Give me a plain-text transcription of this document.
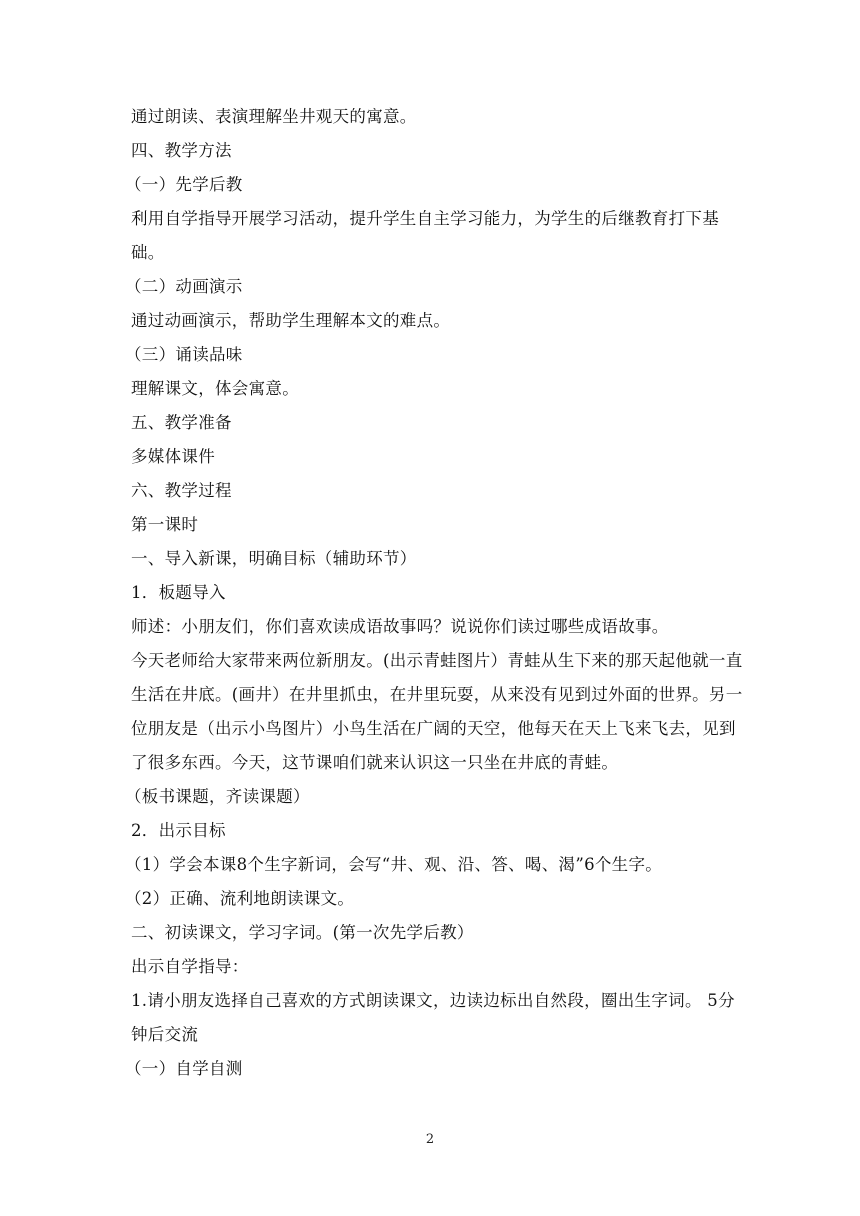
通过朗读、表演理解坐井观天的寓意。
四、教学方法
（一）先学后教
利用自学指导开展学习活动，提升学生自主学习能力，为学生的后继教育打下基础。
（二）动画演示
通过动画演示，帮助学生理解本文的难点。
（三）诵读品味
理解课文，体会寓意。
五、教学准备
多媒体课件
六、教学过程
第一课时
一、导入新课，明确目标（辅助环节）
1．板题导入
师述：小朋友们，你们喜欢读成语故事吗？说说你们读过哪些成语故事。
今天老师给大家带来两位新朋友。(出示青蛙图片）青蛙从生下来的那天起他就一直生活在井底。(画井）在井里抓虫，在井里玩耍，从来没有见到过外面的世界。另一位朋友是（出示小鸟图片）小鸟生活在广阔的天空，他每天在天上飞来飞去，见到了很多东西。今天，这节课咱们就来认识这一只坐在井底的青蛙。
（板书课题，齐读课题）
2．出示目标
（1）学会本课8个生字新词，会写“井、观、沿、答、喝、渴”6个生字。
（2）正确、流利地朗读课文。
二、初读课文，学习字词。(第一次先学后教）
出示自学指导：
1.请小朋友选择自己喜欢的方式朗读课文，边读边标出自然段，圈出生字词。 5分钟后交流
（一）自学自测
2
